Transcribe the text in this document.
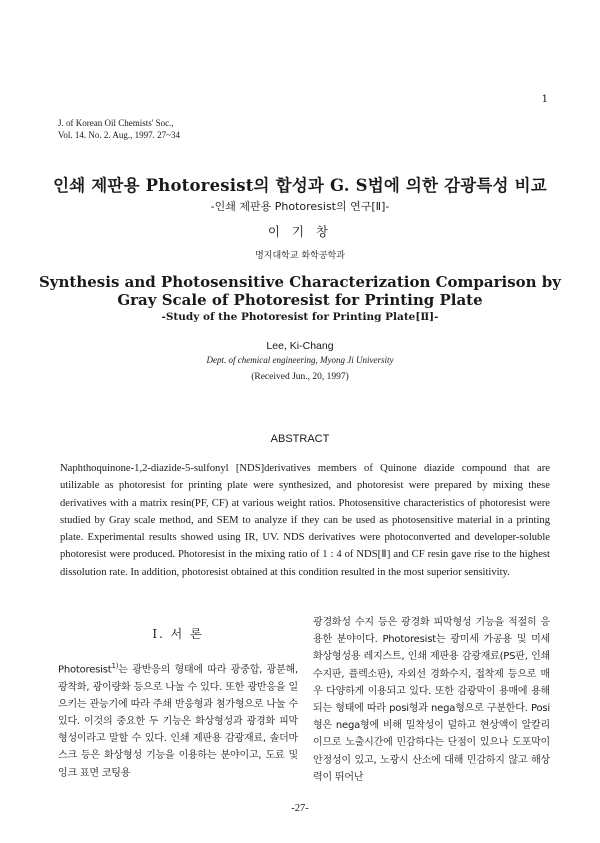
1
J. of Korean Oil Chemists' Soc.,
Vol. 14. No. 2. Aug., 1997. 27~34
인쇄 제판용 Photoresist의 합성과 G. S법에 의한 감광특성 비교
-인쇄 제판용 Photoresist의 연구[Ⅱ]-
이 기 창
명지대학교 화학공학과
Synthesis and Photosensitive Characterization Comparison by
Gray Scale of Photoresist for Printing Plate
-Study of the Photoresist for Printing Plate[Ⅱ]-
Lee, Ki-Chang
Dept. of chemical engineering, Myong Ji University
(Received Jun., 20, 1997)
ABSTRACT
Naphthoquinone-1,2-diazide-5-sulfonyl [NDS]derivatives members of Quinone diazide compound that are utilizable as photoresist for printing plate were synthesized, and photoresist were prepared by mixing these derivatives with a matrix resin(PF, CF) at various weight ratios. Photosensitive characteristics of photoresist were studied by Gray scale method, and SEM to analyze if they can be used as photosensitive material in a printing plate. Experimental results showed using IR, UV. NDS derivatives were photoconverted and developer-soluble photoresist were produced. Photoresist in the mixing ratio of 1 : 4 of NDS[Ⅱ] and CF resin gave rise to the highest dissolution rate. In addition, photoresist obtained at this condition resulted in the most superior sensitivity.
I. 서 론
Photoresist$^{1)}$는 광반응의 형태에 따라 광중합, 광분해, 광착화, 광이량화 등으로 나눌 수 있다. 또한 광반응을 일으키는 관능기에 따라 주쇄 반응형과 첨가형으로 나눌 수 있다. 이것의 중요한 두 기능은 화상형성과 광경화 피막형성이라고 말할 수 있다. 인쇄 제판용 감광재료, 솔더마스크 등은 화상형성 기능을 이용하는 분야이고, 도료 및 잉크 표면 코팅용
광경화성 수지 등은 광경화 피막형성 기능을 적절히 응용한 분야이다. Photoresist는 광미세 가공용 및 미세 화상형성용 레지스트, 인쇄 제판용 감광재료(PS판, 인쇄수지판, 플렉소판), 자외선 경화수지, 접착제 등으로 매우 다양하게 이용되고 있다. 또한 감광막이 용매에 용해되는 형태에 따라 posi형과 nega형으로 구분한다. Posi형은 nega형에 비해 밀착성이 덜하고 현상액이 알칼리이므로 노출시간에 민감하다는 단점이 있으나 도포막이 안정성이 있고, 노광시 산소에 대해 민감하지 않고 해상력이 뛰어난
-27-
